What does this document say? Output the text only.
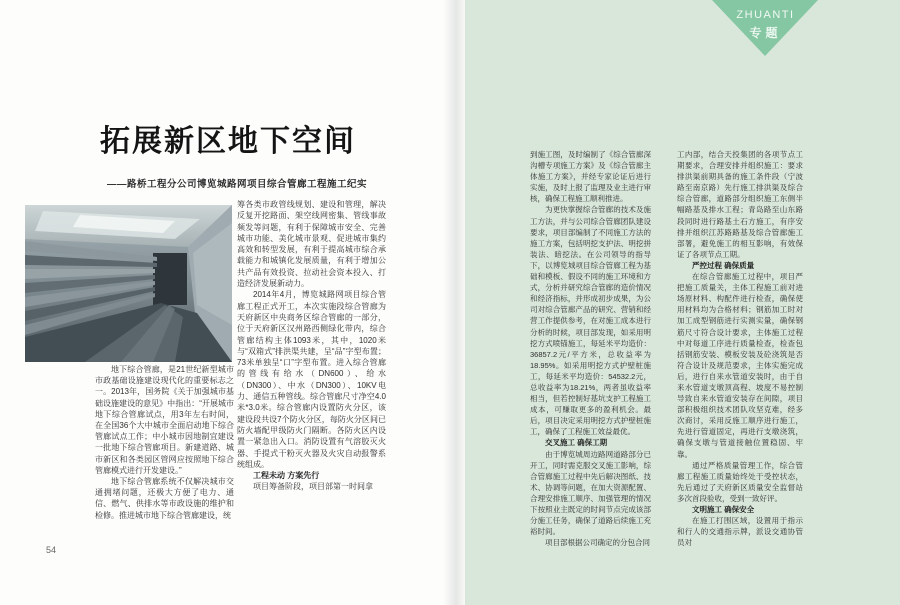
拓展新区地下空间
——路桥工程分公司博览城路网项目综合管廊工程施工纪实
地下综合管廊，是21世纪新型城市市政基础设施建设现代化的重要标志之一。2013年，国务院《关于加强城市基础设施建设的意见》中指出：“开展城市地下综合管廊试点，用3年左右时间，在全国36个大中城市全面启动地下综合管廊试点工作；中小城市因地制宜建设一批地下综合管廊项目。新建道路、城市新区和各类园区管网应按照地下综合管廊模式进行开发建设。”
地下综合管廊系统不仅解决城市交通拥堵问题，还极大方便了电力、通信、燃气、供排水等市政设施的维护和检修。推进城市地下综合管廊建设，统
筹各类市政管线规划、建设和管理，解决反复开挖路面、架空线网密集、管线事故频发等问题，有利于保障城市安全、完善城市功能、美化城市景观、促进城市集约高效和转型发展，有利于提高城市综合承载能力和城镇化发展质量，有利于增加公共产品有效投资、拉动社会资本投入、打造经济发展新动力。
2014年4月，博览城路网项目综合管廊工程正式开工，本次实施段综合管廊为天府新区中央商务区综合管廊的一部分，位于天府新区汉州路西侧绿化带内，综合管廊结构主体1093米，其中，1020米与“双箱式”排洪渠共建，呈“品”字型布置；73米单独呈“口”字型布置。进入综合管廊的管线有给水（DN600）、给水（DN300）、中水（DN300）、10KV电力、通信五种管线。综合管廊尺寸净空4.0米*3.0米。综合管廊内设置防火分区，该建设段共设7个防火分区，每防火分区间已防火墙配甲级防火门隔断。各防火区内设置一紧急出入口。消防设置有气溶胶灭火器、手提式干粉灭火器及火灾自动报警系统组成。
工程未动 方案先行
项目筹备阶段，项目部第一时间拿
54
到施工图，及时编制了《综合管廊深沟槽专项施工方案》及《综合管廊主体施工方案》，并经专家论证后进行实施，及时上报了监理及业主进行审核，确保工程施工顺利推进。
为更快掌握综合管廊的技术及施工方法，并与公司综合管廊团队建设要求，项目部编制了不同施工方法的施工方案，包括明挖支护法、明挖拼装法、暗挖法。在公司领导的指导下，以博览城项目综合管廊工程为基础和模板、假设不同的施工环境和方式，分析并研究综合管廊的造价情况和经济指标，并形成初步成果，为公司对综合管廊产品的研究、营销和经营工作提供参考，在对施工成本进行分析的时候，项目部发现，如采用明挖方式喷锚施工，每延米平均造价：36857.2元/平方米，总收益率为18.95%。如采用明挖方式护壁桩施工，每延米平均造价：54532.2元，总收益率为18.21%，两者虽收益率相当，但若控制好基坑支护工程施工成本，可赚取更多的盈利机会。最后，项目决定采用明挖方式护壁桩施工，确保了工程施工效益最优。
交叉施工 确保工期
由于博览城周边路网道路部分已开工，同时需克服交叉施工影响，综合管廊施工过程中先后解决图纸、技术、协调等问题，在加大资源配置、合理安排施工顺序、加强管理的情况下按照业主既定的时间节点完成该部分施工任务，确保了道路后续施工充裕时间。
项目部根据公司确定的分包合同
工内部，结合天投集团的各项节点工期要求，合理安排并组织施工：要求排洪渠前期具备的施工条件段（宁波路至南京路）先行施工排洪渠及综合综合管廊，道路部分组织施工东侧半幅路基及排水工程；青岛路至山东路段同时进行路基土石方施工，有序安排并组织江苏路路基及综合管廊施工部署，避免施工的相互影响，有效保证了各项节点工期。
严控过程 确保质量
在综合管廊施工过程中，项目严把施工质量关，主体工程施工前对进场原材料、构配件进行检查，确保使用材料均为合格材料；钢筋加工时对加工成型钢筋进行实测实量，确保钢筋尺寸符合设计要求，主体施工过程中对每道工序进行质量检查，检查包括钢筋安装、模板安装及砼浇筑是否符合设计及规范要求，主体实施完成后，进行自来水管道安装时，由于自来水管道支墩顶高程、坡度不易控制导致自来水管道安装存在间隙，项目部积极组织技术团队攻坚克难，经多次商讨，采用反施工顺序进行施工，先进行管道固定，再进行支墩浇筑，确保支墩与管道接触位置稳固、牢靠。
通过严格质量管理工作，综合管廊工程施工质量始终处于受控状态，先后通过了天府新区质量安全监督站多次首段验收，受到一致好评。
文明施工 确保安全
在施工打围区域，设置用于指示和行人的交通指示牌，派设交通协管员对
ZHUANTI
专题
